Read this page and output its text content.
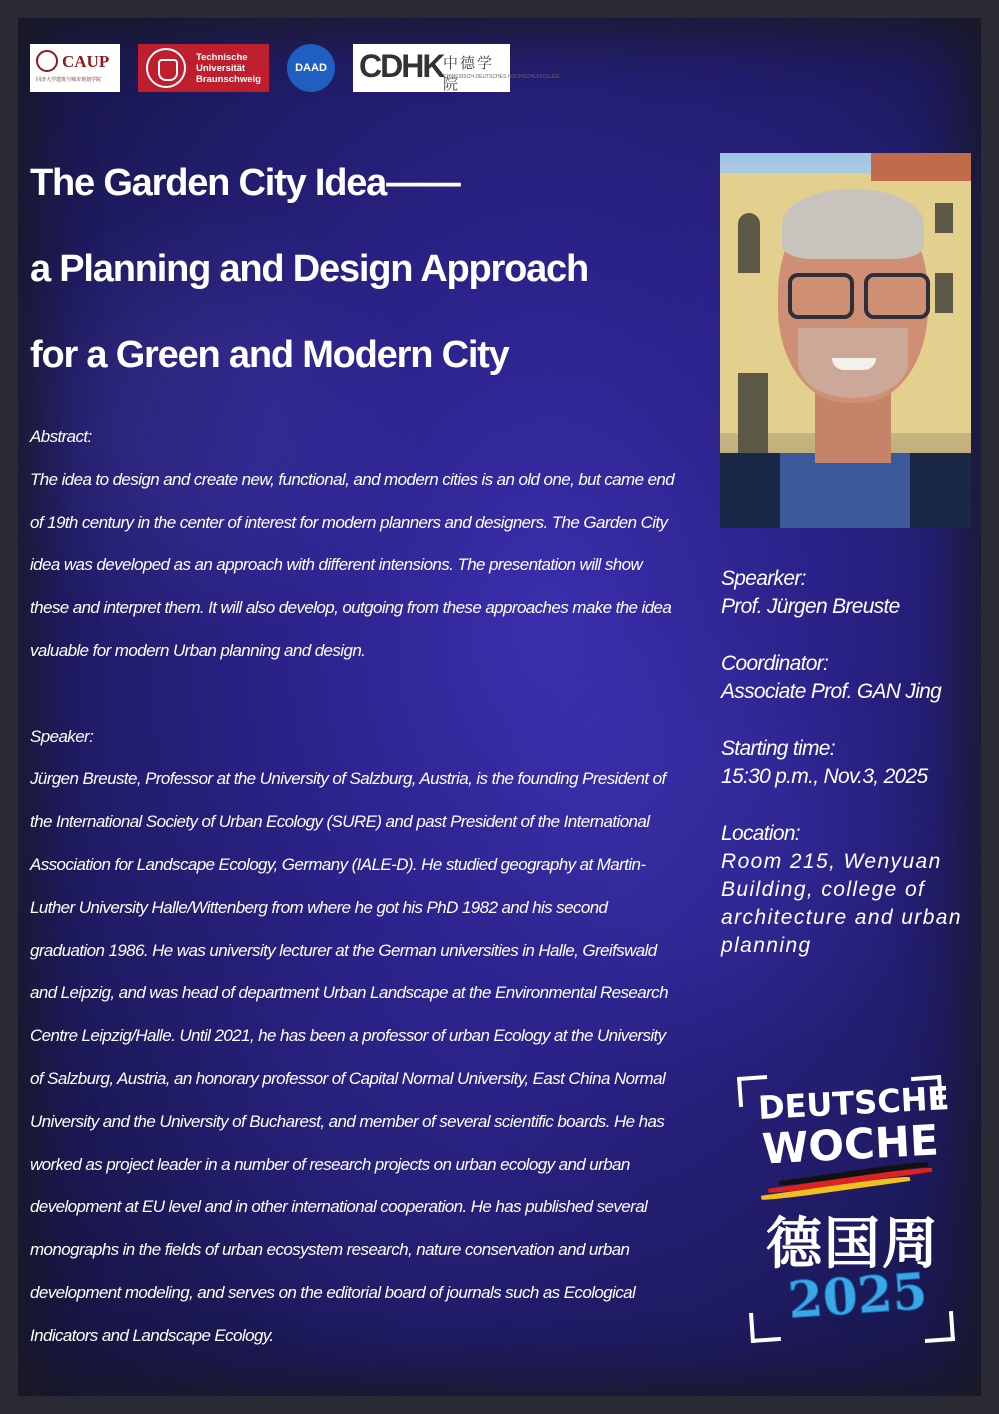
CAUP
同济大学建筑与城市规划学院
Technische
Universität
Braunschweig
DAAD CDHK 中德学院
CHINESISCH-DEUTSCHES HOCHSCHULKOLLEG
The Garden City Idea——
a Planning and Design Approach
for a Green and Modern City

Abstract:

The idea to design and create new, functional, and modern cities is an old one, but came end of 19th century in the center of interest for modern planners and designers. The Garden City idea was developed as an approach with different intensions. The presentation will show these and interpret them. It will also develop, outgoing from these approaches make the idea valuable for modern Urban planning and design.

Speaker:

Jürgen Breuste, Professor at the University of Salzburg, Austria, is the founding President of the International Society of Urban Ecology (SURE) and past President of the International Association for Landscape Ecology, Germany (IALE-D). He studied geography at Martin-Luther University Halle/Wittenberg from where he got his PhD 1982 and his second graduation 1986. He was university lecturer at the German universities in Halle, Greifswald and Leipzig, and was head of department Urban Landscape at the Environmental Research Centre Leipzig/Halle. Until 2021, he has been a professor of urban Ecology at the University of Salzburg, Austria, an honorary professor of Capital Normal University, East China Normal University and the University of Bucharest, and member of several scientific boards. He has worked as project leader in a number of research projects on urban ecology and urban development at EU level and in other international cooperation. He has published several monographs in the fields of urban ecosystem research, nature conservation and urban development modeling, and serves on the editorial board of journals such as Ecological Indicators and Landscape Ecology.

Spearker:
Prof. Jürgen Breuste
Coordinator:
Associate Prof. GAN Jing
Starting time:
15:30 p.m., Nov.3, 2025
Location:
Room 215, Wenyuan Building, college of architecture and urban planning
DEUTSCHE
WOCHE
德国周
2025
